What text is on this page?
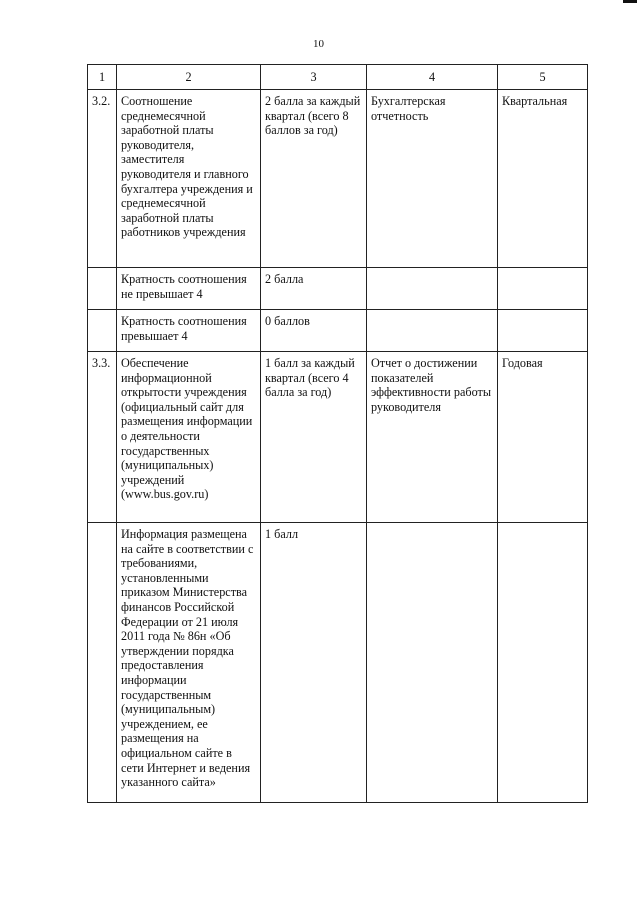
10
1	2	3	4	5
3.2.	Соотношение среднемесячной заработной платы руководителя, заместителя руководителя и главного бухгалтера учреждения и среднемесячной заработной платы работников учреждения	2 балла за каждый квартал (всего 8 баллов за год)	Бухгалтерская отчетность	Квартальная
	Кратность соотношения не превышает 4	2 балла		
	Кратность соотношения превышает 4	0 баллов		
3.3.	Обеспечение информационной открытости учреждения (официальный сайт для размещения информации о деятельности государственных (муниципальных) учреждений (www.bus.gov.ru)	1 балл за каждый квартал (всего 4 балла за год)	Отчет о достижении показателей эффективности работы руководителя	Годовая
	Информация размещена на сайте в соответствии с требованиями, установленными приказом Министерства финансов Российской Федерации от 21 июля 2011 года № 86н «Об утверждении порядка предоставления информации государственным (муниципальным) учреждением, ее размещения на официальном сайте в сети Интернет и ведения указанного сайта»	1 балл		
